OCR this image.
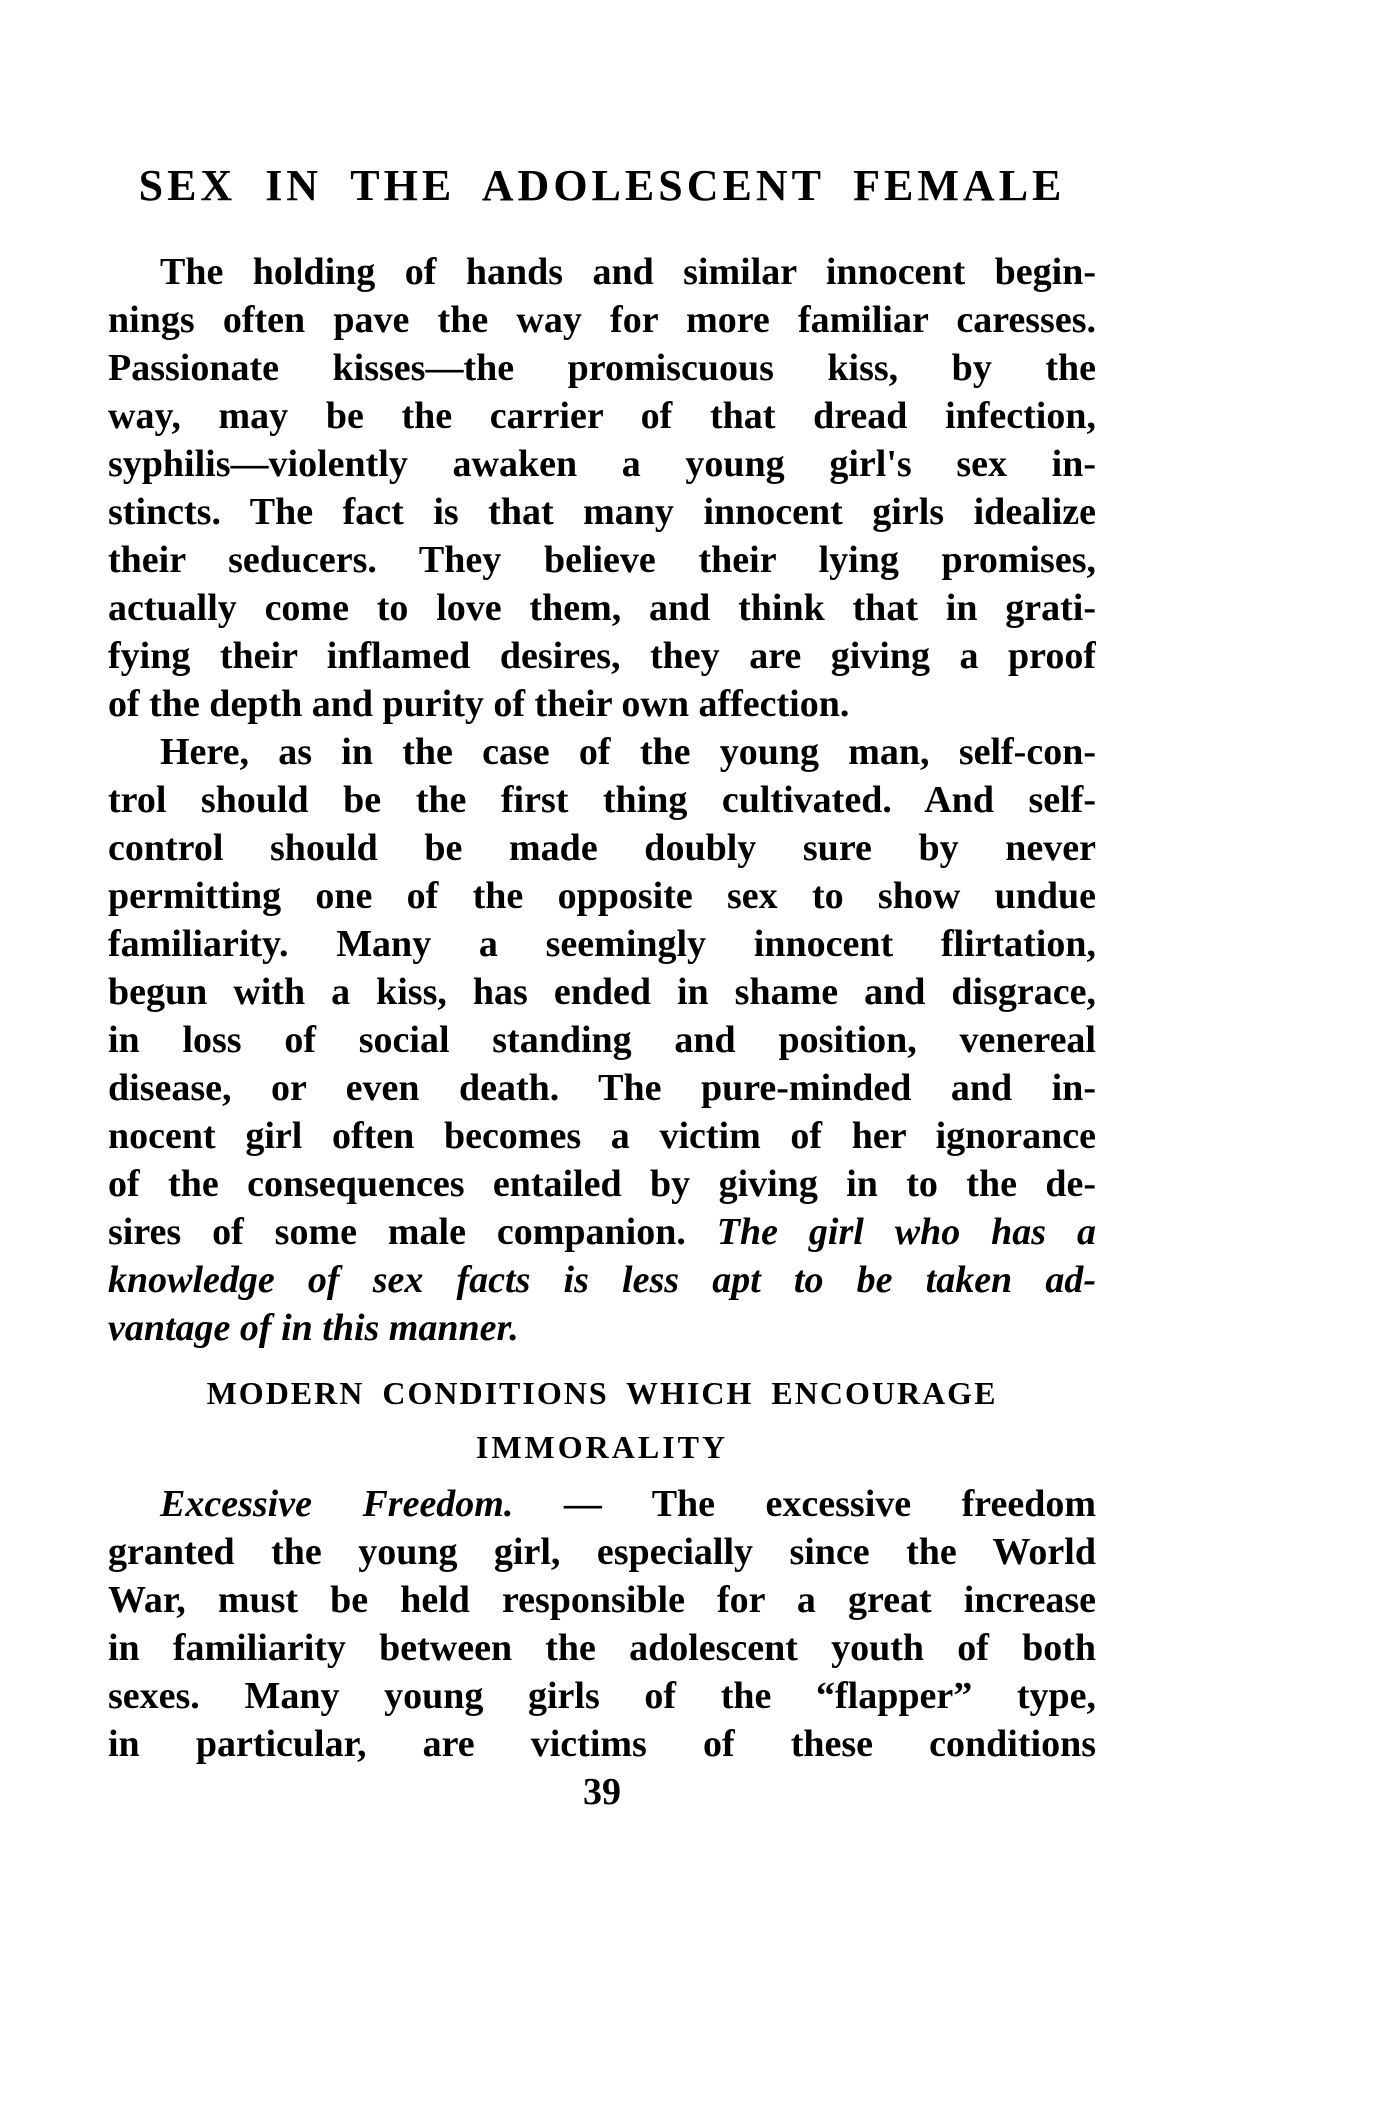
SEX IN THE ADOLESCENT FEMALE
The holding of hands and similar innocent begin-
nings often pave the way for more familiar caresses.
Passionate kisses—the promiscuous kiss, by the
way, may be the carrier of that dread infection,
syphilis—violently awaken a young girl's sex in-
stincts. The fact is that many innocent girls idealize
their seducers. They believe their lying promises,
actually come to love them, and think that in grati-
fying their inflamed desires, they are giving a proof
of the depth and purity of their own affection.
Here, as in the case of the young man, self-con-
trol should be the first thing cultivated. And self-
control should be made doubly sure by never
permitting one of the opposite sex to show undue
familiarity. Many a seemingly innocent flirtation,
begun with a kiss, has ended in shame and disgrace,
in loss of social standing and position, venereal
disease, or even death. The pure-minded and in-
nocent girl often becomes a victim of her ignorance
of the consequences entailed by giving in to the de-
sires of some male companion. The girl who has a
knowledge of sex facts is less apt to be taken ad-
vantage of in this manner.
MODERN CONDITIONS WHICH ENCOURAGE
IMMORALITY
Excessive Freedom. — The excessive freedom
granted the young girl, especially since the World
War, must be held responsible for a great increase
in familiarity between the adolescent youth of both
sexes. Many young girls of the “flapper” type,
in particular, are victims of these conditions
39
